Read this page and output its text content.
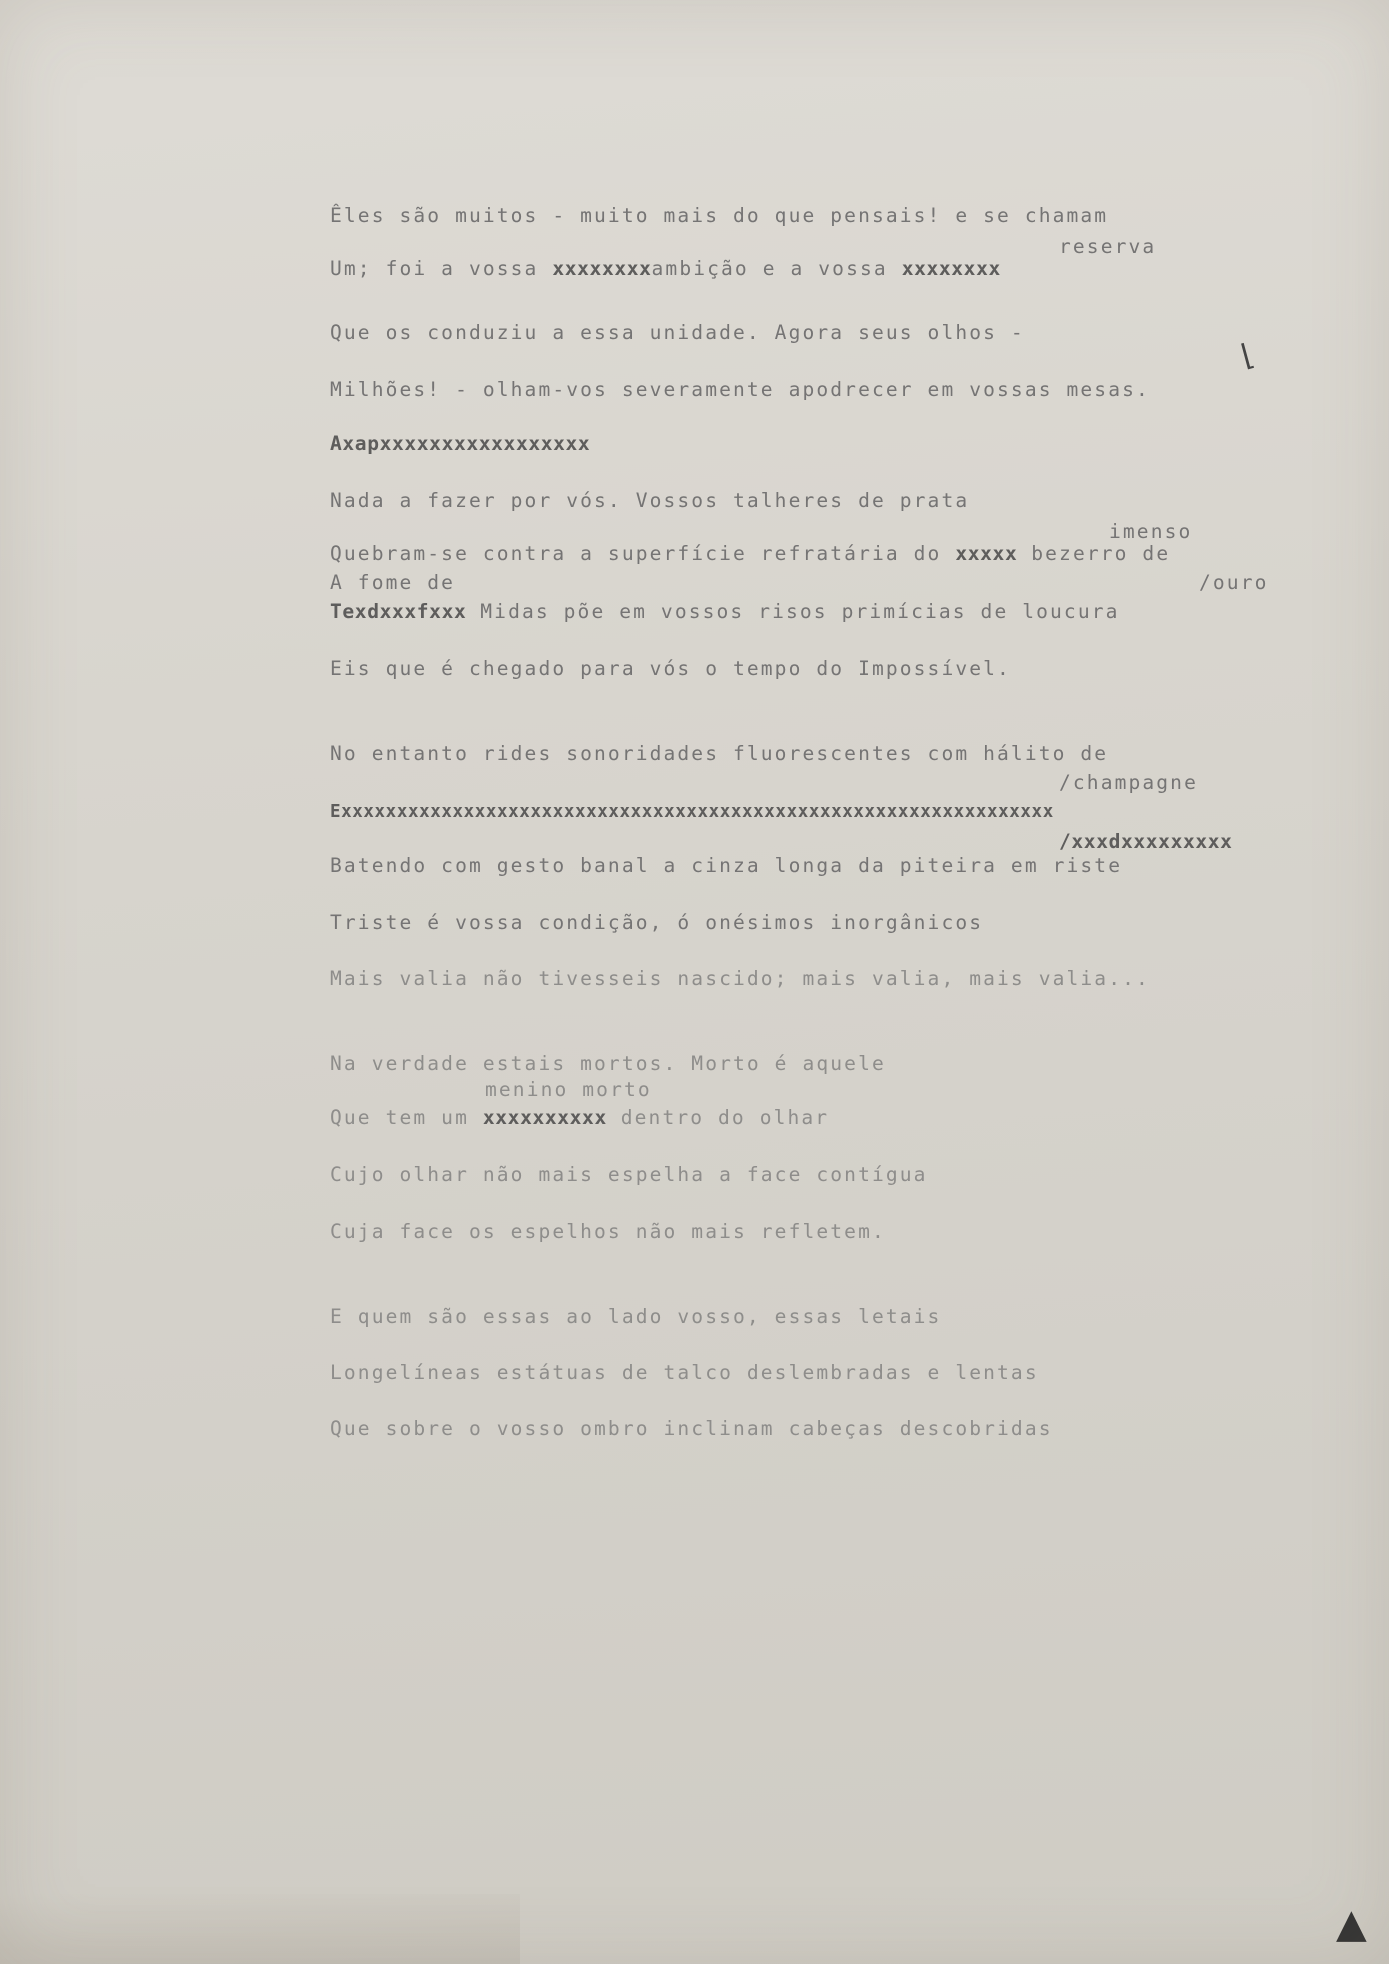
Êles são muitos - muito mais do que pensais! e se chamam

reserva

Um; foi a vossa xxxxxxxxambição e a vossa xxxxxxxx

Que os conduziu a essa unidade. Agora seus olhos -

Milhões! - olham-vos severamente apodrecer em vossas mesas.

Axapxxxxxxxxxxxxxxxxx

Nada a fazer por vós. Vossos talheres de prata

imenso

Quebram-se contra a superfície refratária do xxxxx bezerro de

A fome de	/ouro

Texdxxxfxxx Midas põe em vossos risos primícias de loucura

Eis que é chegado para vós o tempo do Impossível.

No entanto rides sonoridades fluorescentes com hálito de

/champagne

Exxxxxxxxxxxxxxxxxxxxxxxxxxxxxxxxxxxxxxxxxxxxxxxxxxxxxxxxxxxxxxxx

/xxxdxxxxxxxxx

Batendo com gesto banal a cinza longa da piteira em riste

Triste é vossa condição, ó onésimos inorgânicos

Mais valia não tivesseis nascido; mais valia, mais valia...

Na verdade estais mortos. Morto é aquele

menino morto

Que tem um xxxxxxxxxx dentro do olhar

Cujo olhar não mais espelha a face contígua

Cuja face os espelhos não mais refletem.

E quem são essas ao lado vosso, essas letais

Longelíneas estátuas de talco deslembradas e lentas

Que sobre o vosso ombro inclinam cabeças descobridas

⌊
▲
